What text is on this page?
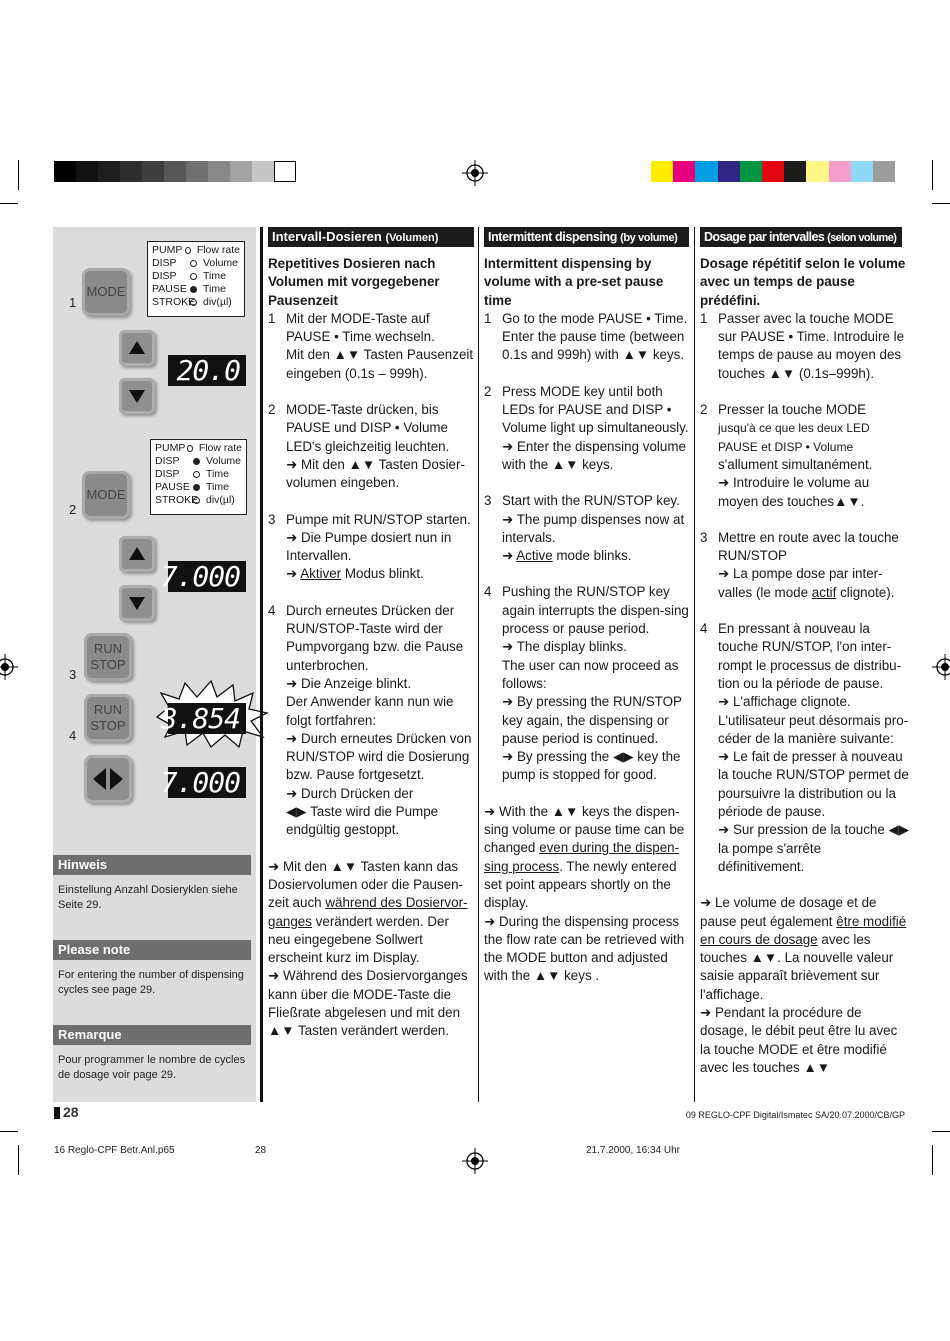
PUMP Flow rate
DISP	Volume
DISP	Time
PAUSE Time
STROKE div(µl)
MODE
1
20.0
PUMP Flow rate
DISP	Volume
DISP	Time
PAUSE Time
STROKE div(µl)
MODE
2
7.000
RUN
STOP
3
RUN
STOP
4
3.854
7.000
Hinweis
Einstellung Anzahl Dosieryklen siehe Seite 29.
Please note
For entering the number of dispensing cycles see page 29.
Remarque
Pour programmer le nombre de cycles de dosage voir page 29.
Intervall-Dosieren (Volumen)
Repetitives Dosieren nach Volumen mit vorgegebener Pausenzeit
1 Mit der MODE-Taste auf PAUSE • Time wechseln.
Mit den ▲▼ Tasten Pausenzeit eingeben (0.1s – 999h).
2 MODE-Taste drücken, bis PAUSE und DISP • Volume LED's gleichzeitig leuchten.
➜ Mit den ▲▼ Tasten Dosier-volumen eingeben.
3 Pumpe mit RUN/STOP starten.
➜ Die Pumpe dosiert nun in Intervallen.
➜ Aktiver Modus blinkt.
4 Durch erneutes Drücken der RUN/STOP-Taste wird der Pumpvorgang bzw. die Pause unterbrochen.
➜ Die Anzeige blinkt.
Der Anwender kann nun wie folgt fortfahren:
➜ Durch erneutes Drücken von RUN/STOP wird die Dosierung bzw. Pause fortgesetzt.
➜ Durch Drücken der
◀▶ Taste wird die Pumpe endgültig gestoppt.
➜ Mit den ▲▼ Tasten kann das Dosiervolumen oder die Pausen-zeit auch während des Dosiervor-ganges verändert werden. Der neu eingegebene Sollwert erscheint kurz im Display.
➜ Während des Dosiervorganges kann über die MODE-Taste die Fließrate abgelesen und mit den ▲▼ Tasten verändert werden.
Intermittent dispensing (by volume)
Intermittent dispensing by volume with a pre-set pause time
1 Go to the mode PAUSE • Time. Enter the pause time (between 0.1s and 999h) with ▲▼ keys.
2 Press MODE key until both LEDs for PAUSE and DISP • Volume light up simultaneously.
➜ Enter the dispensing volume with the ▲▼ keys.
3 Start with the RUN/STOP key.
➜ The pump dispenses now at intervals.
➜ Active mode blinks.
4 Pushing the RUN/STOP key again interrupts the dispen-sing process or pause period.
➜ The display blinks.
The user can now proceed as follows:
➜ By pressing the RUN/STOP key again, the dispensing or pause period is continued.
➜ By pressing the ◀▶ key the pump is stopped for good.
➜ With the ▲▼ keys the dispen-sing volume or pause time can be changed even during the dispen-sing process. The newly entered set point appears shortly on the display.
➜ During the dispensing process the flow rate can be retrieved with the MODE button and adjusted with the ▲▼ keys .
Dosage par intervalles (selon volume)
Dosage répétitif selon le volume avec un temps de pause prédéfini.
1 Passer avec la touche MODE sur PAUSE • Time. Introduire le temps de pause au moyen des touches ▲▼ (0.1s–999h).
2 Presser la touche MODE
jusqu'à ce que les deux LED PAUSE et DISP • Volume
s'allument simultanément.
➜ Introduire le volume au moyen des touches▲▼.
3 Mettre en route avec la touche RUN/STOP
➜ La pompe dose par inter-valles (le mode actif clignote).
4 En pressant à nouveau la touche RUN/STOP, l'on inter-rompt le processus de distribu-tion ou la période de pause.
➜ L'affichage clignote.
L'utilisateur peut désormais pro-céder de la manière suivante:
➜ Le fait de presser à nouveau la touche RUN/STOP permet de poursuivre la distribution ou la période de pause.
➜ Sur pression de la touche ◀▶ la pompe s'arrête définitivement.
➜ Le volume de dosage et de pause peut également être modifié en cours de dosage avec les touches ▲▼. La nouvelle valeur saisie apparaît brièvement sur l'affichage.
➜ Pendant la procédure de dosage, le débit peut être lu avec la touche MODE et être modifié avec les touches ▲▼
28	09 REGLO-CPF Digital/Ismatec SA/20.07.2000/CB/GP
16 Reglo-CPF Betr.Anl.p65	28	21.7.2000, 16:34 Uhr
